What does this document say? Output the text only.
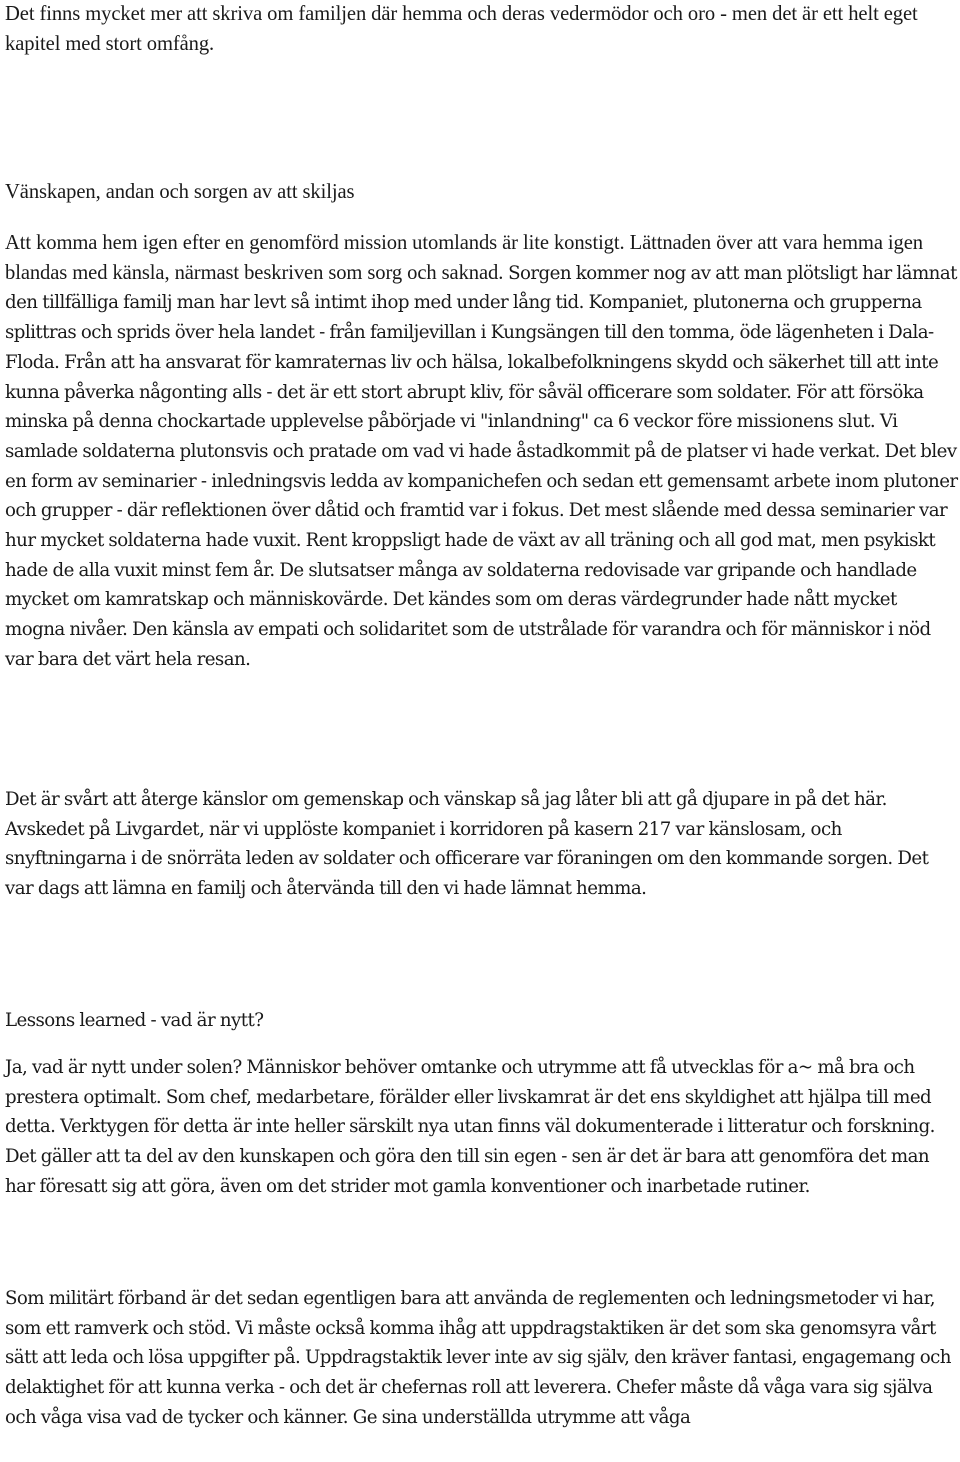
Det finns mycket mer att skriva om familjen där hemma och deras vedermödor och oro - men det är ett helt eget kapitel med stort omfång.

Vänskapen, andan och sorgen av att skiljas

Att komma hem igen efter en genomförd mission utomlands är lite konstigt. Lättnaden över att vara hemma igen blandas med känsla, närmast beskriven som sorg och saknad. Sorgen kommer nog av att man plötsligt har lämnat den tillfälliga familj man har levt så intimt ihop med under lång tid. Kompaniet, plutonerna och grupperna splittras och sprids över hela landet - från familjevillan i Kungsängen till den tomma, öde lägenheten i Dala-Floda. Från att ha ansvarat för kamraternas liv och hälsa, lokalbefolkningens skydd och säkerhet till att inte kunna påverka någonting alls - det är ett stort abrupt kliv, för såväl officerare som soldater. För att försöka minska på denna chockartade upplevelse påbörjade vi "inlandning" ca 6 veckor före missionens slut. Vi samlade soldaterna plutonsvis och pratade om vad vi hade åstadkommit på de platser vi hade verkat. Det blev en form av seminarier - inledningsvis ledda av kompanichefen och sedan ett gemensamt arbete inom plutoner och grupper - där reflektionen över dåtid och framtid var i fokus. Det mest slående med dessa seminarier var hur mycket soldaterna hade vuxit. Rent kroppsligt hade de växt av all träning och all god mat, men psykiskt hade de alla vuxit minst fem år. De slutsatser många av soldaterna redovisade var gripande och handlade mycket om kamratskap och människovärde. Det kändes som om deras värdegrunder hade nått mycket mogna nivåer. Den känsla av empati och solidaritet som de utstrålade för varandra och för människor i nöd var bara det värt hela resan.

Det är svårt att återge känslor om gemenskap och vänskap så jag låter bli att gå djupare in på det här. Avskedet på Livgardet, när vi upplöste kompaniet i korridoren på kasern 217 var känslosam, och snyftningarna i de snörräta leden av soldater och officerare var föraningen om den kommande sorgen. Det var dags att lämna en familj och återvända till den vi hade lämnat hemma.

Lessons learned - vad är nytt?

Ja, vad är nytt under solen? Människor behöver omtanke och utrymme att få utvecklas för a~ må bra och prestera optimalt. Som chef, medarbetare, förälder eller livskamrat är det ens skyldighet att hjälpa till med detta. Verktygen för detta är inte heller särskilt nya utan finns väl dokumenterade i litteratur och forskning. Det gäller att ta del av den kunskapen och göra den till sin egen - sen är det är bara att genomföra det man har föresatt sig att göra, även om det strider mot gamla konventioner och inarbetade rutiner.

Som militärt förband är det sedan egentligen bara att använda de reglementen och ledningsmetoder vi har, som ett ramverk och stöd. Vi måste också komma ihåg att uppdragstaktiken är det som ska genomsyra vårt sätt att leda och lösa uppgifter på. Uppdragstaktik lever inte av sig själv, den kräver fantasi, engagemang och delaktighet för att kunna verka - och det är chefernas roll att leverera. Chefer måste då våga vara sig själva och våga visa vad de tycker och känner. Ge sina underställda utrymme att våga
